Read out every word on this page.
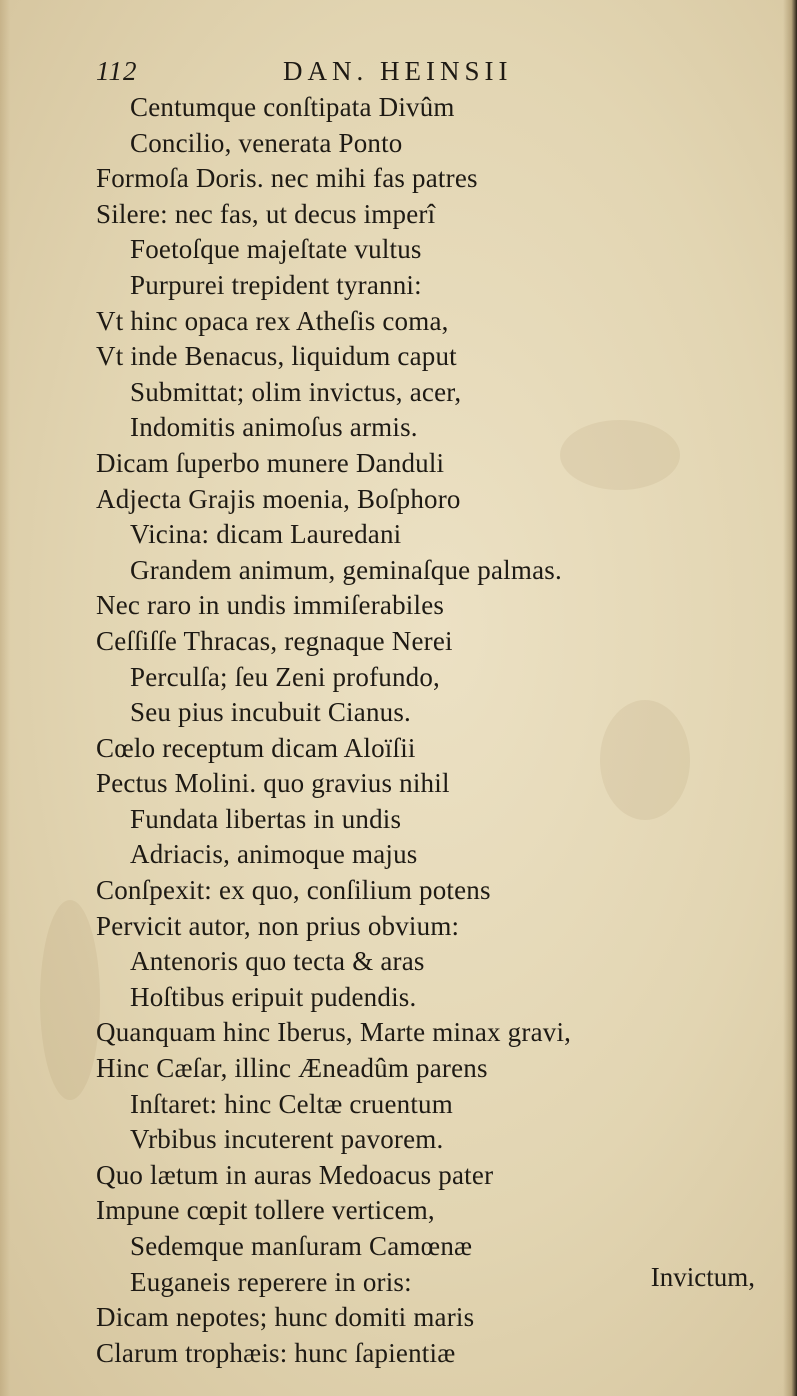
112	DAN. HEINSII
Centumque conſtipata Divûm
Concilio, venerata Ponto
Formoſa Doris. nec mihi fas patres
Silere: nec fas, ut decus imperî
Foetoſque majeſtate vultus
Purpurei trepident tyranni:
Vt hinc opaca rex Atheſis coma,
Vt inde Benacus, liquidum caput
Submittat; olim invictus, acer,
Indomitis animoſus armis.
Dicam ſuperbo munere Danduli
Adjecta Grajis moenia, Boſphoro
Vicina: dicam Lauredani
Grandem animum, geminaſque palmas.
Nec raro in undis immiſerabiles
Ceſſiſſe Thracas, regnaque Nerei
Perculſa; ſeu Zeni profundo,
Seu pius incubuit Cianus.
Cœlo receptum dicam Aloïſii
Pectus Molini. quo gravius nihil
Fundata libertas in undis
Adriacis, animoque majus
Conſpexit: ex quo, conſilium potens
Pervicit autor, non prius obvium:
Antenoris quo tecta & aras
Hoſtibus eripuit pudendis.
Quanquam hinc Iberus, Marte minax gravi,
Hinc Cæſar, illinc Æneadûm parens
Inſtaret: hinc Celtæ cruentum
Vrbibus incuterent pavorem.
Quo lætum in auras Medoacus pater
Impune cœpit tollere verticem,
Sedemque manſuram Camœnæ
Euganeis reperere in oris:
Dicam nepotes; hunc domiti maris
Clarum trophæis: hunc ſapientiæ
Invictum,
